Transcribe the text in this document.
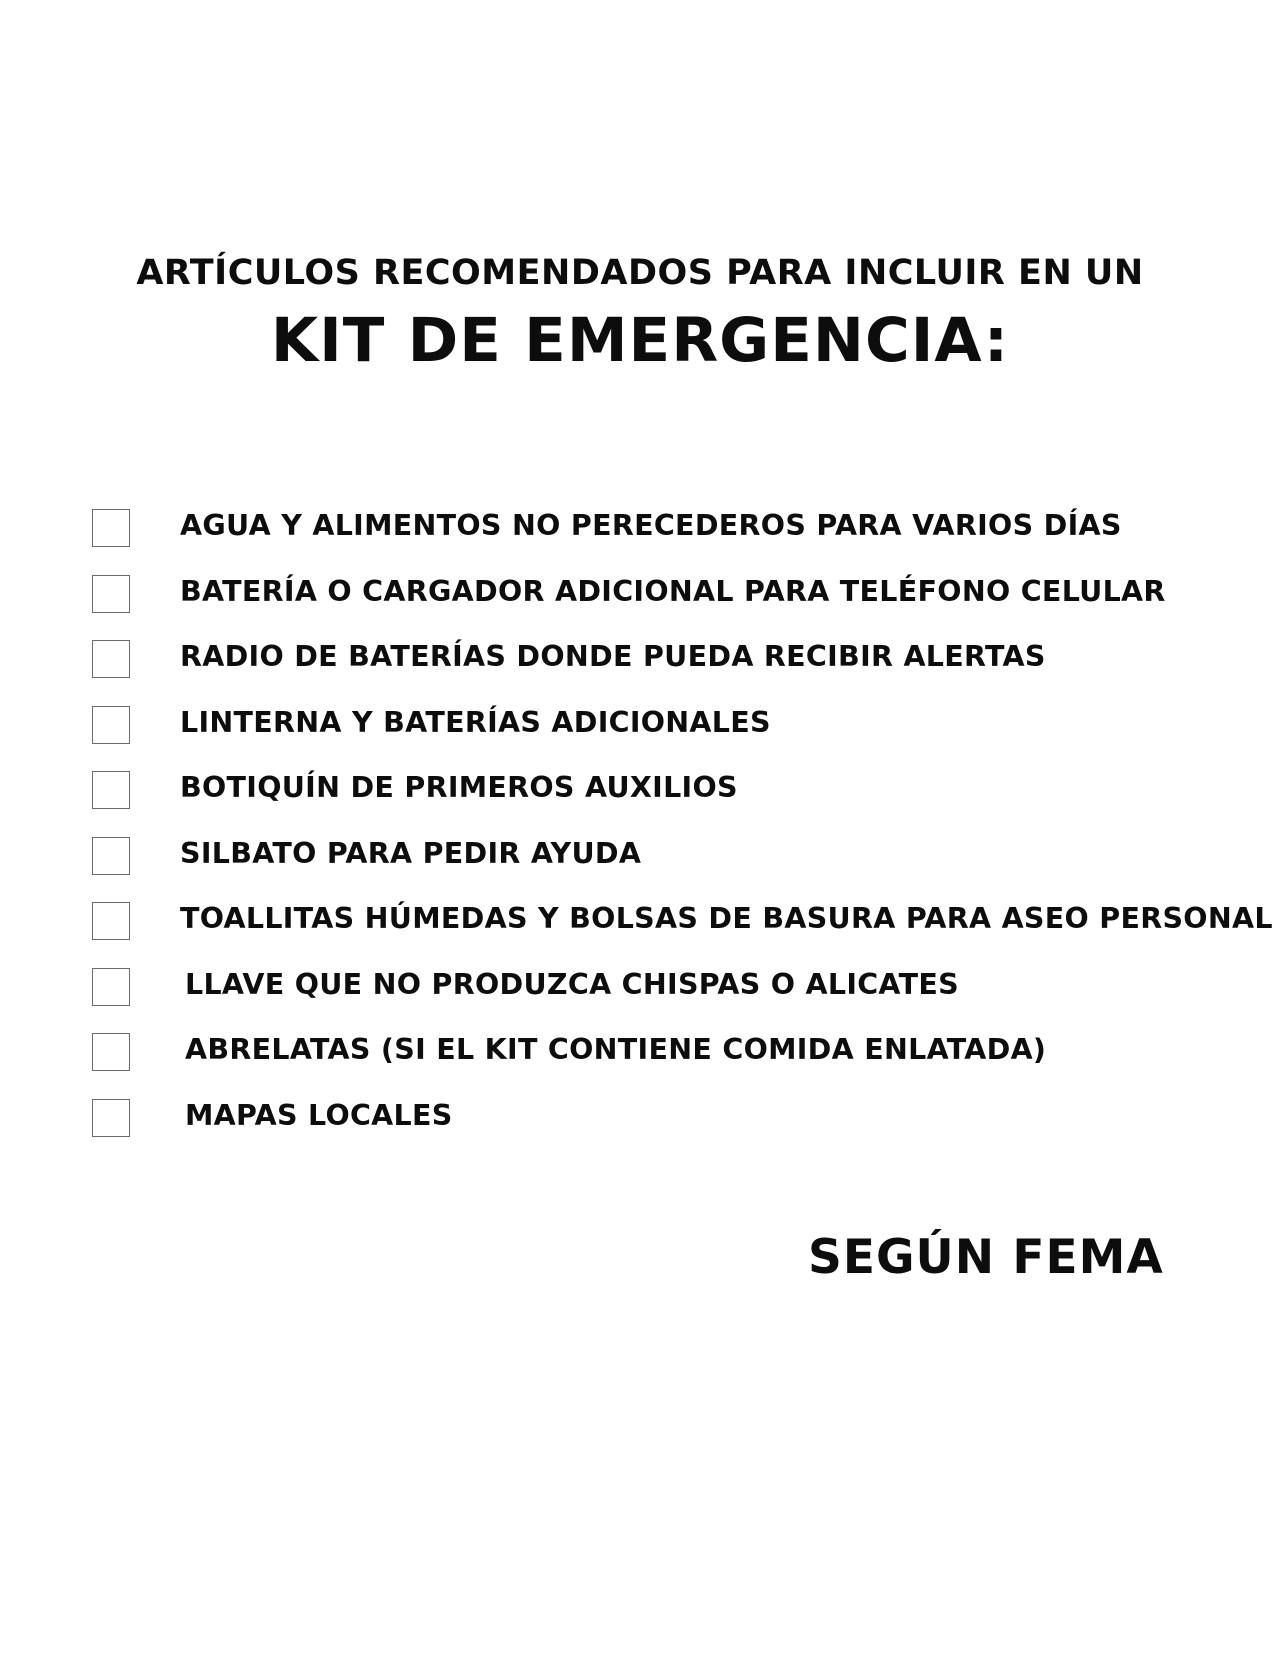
ARTÍCULOS RECOMENDADOS PARA INCLUIR EN UN
KIT DE EMERGENCIA:
AGUA Y ALIMENTOS NO PERECEDEROS PARA VARIOS DÍAS
BATERÍA O CARGADOR ADICIONAL PARA TELÉFONO CELULAR
RADIO DE BATERÍAS DONDE PUEDA RECIBIR ALERTAS
LINTERNA Y BATERÍAS ADICIONALES
BOTIQUÍN DE PRIMEROS AUXILIOS
SILBATO PARA PEDIR AYUDA
TOALLITAS HÚMEDAS Y BOLSAS DE BASURA PARA ASEO PERSONAL
LLAVE QUE NO PRODUZCA CHISPAS O ALICATES
ABRELATAS (SI EL KIT CONTIENE COMIDA ENLATADA)
MAPAS LOCALES
SEGÚN FEMA
